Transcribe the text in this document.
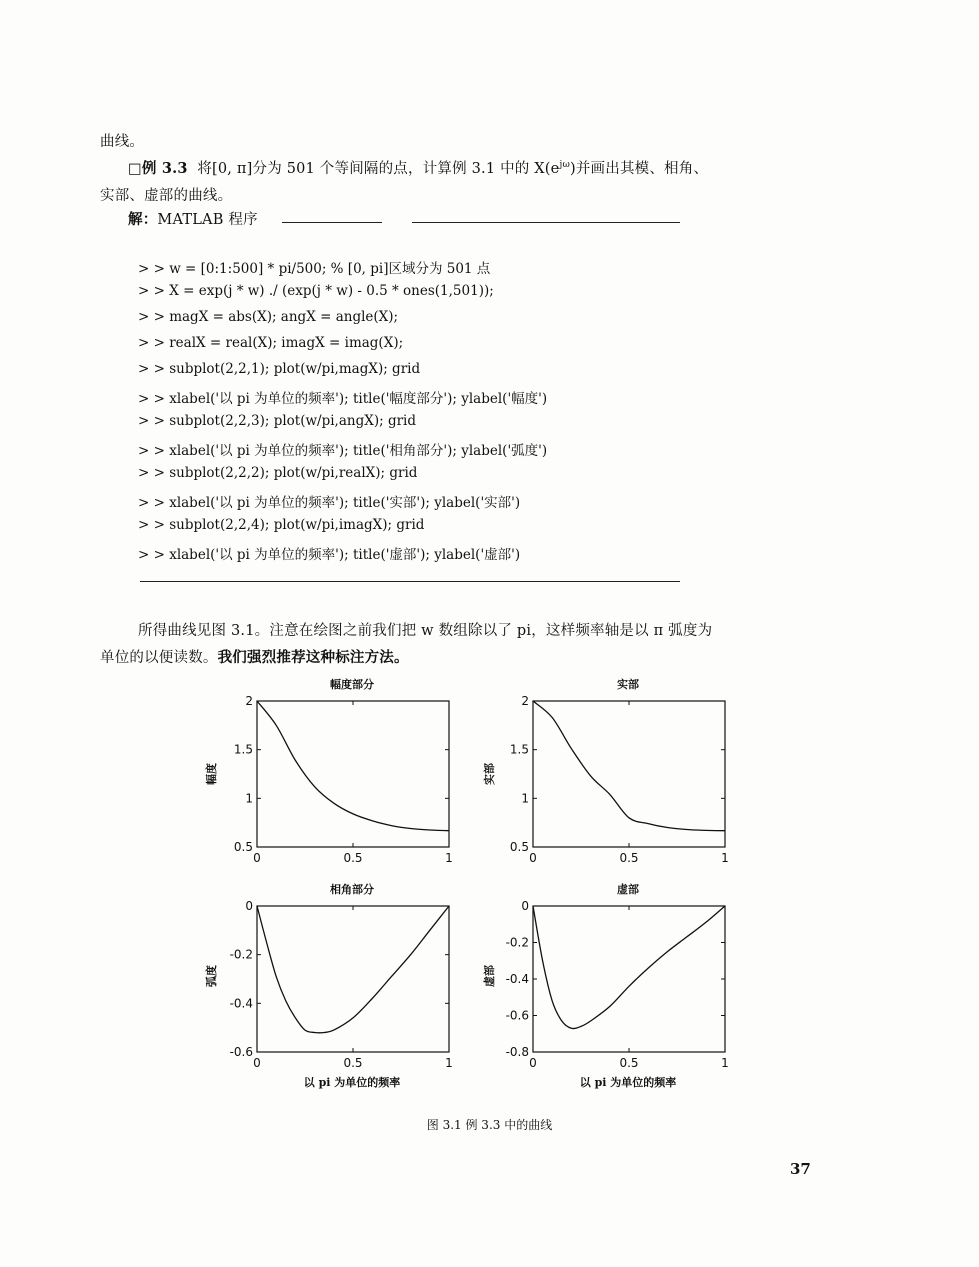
曲线。
□例 3.3 将[0, π]分为 501 个等间隔的点，计算例 3.1 中的 $X(e^{j\omega})$并画出其模、相角、
实部、虚部的曲线。
解：MATLAB 程序
> > w = [0:1:500] * pi/500; % [0, pi]区域分为 501 点
> > X = exp(j * w) ./ (exp(j * w) - 0.5 * ones(1,501));
> > magX = abs(X); angX = angle(X);
> > realX = real(X); imagX = imag(X);
> > subplot(2,2,1); plot(w/pi,magX); grid
> > xlabel('以 pi 为单位的频率'); title('幅度部分'); ylabel('幅度')
> > subplot(2,2,3); plot(w/pi,angX); grid
> > xlabel('以 pi 为单位的频率'); title('相角部分'); ylabel('弧度')
> > subplot(2,2,2); plot(w/pi,realX); grid
> > xlabel('以 pi 为单位的频率'); title('实部'); ylabel('实部')
> > subplot(2,2,4); plot(w/pi,imagX); grid
> > xlabel('以 pi 为单位的频率'); title('虚部'); ylabel('虚部')
所得曲线见图 3.1。注意在绘图之前我们把 w 数组除以了 pi，这样频率轴是以 π 弧度为
单位的以便读数。我们强烈推荐这种标注方法。
幅度部分
幅度
0.5
1
1.5
2
0	0.5	1
实部
实部
0.5
1
1.5
2
0	0.5	1
相角部分
弧度
-0.6
-0.4
-0.2
0
0	0.5	1
以 pi 为单位的频率
虚部
虚部
-0.8
-0.6
-0.4
-0.2
0
0	0.5	1
以 pi 为单位的频率
图 3.1 例 3.3 中的曲线
37
